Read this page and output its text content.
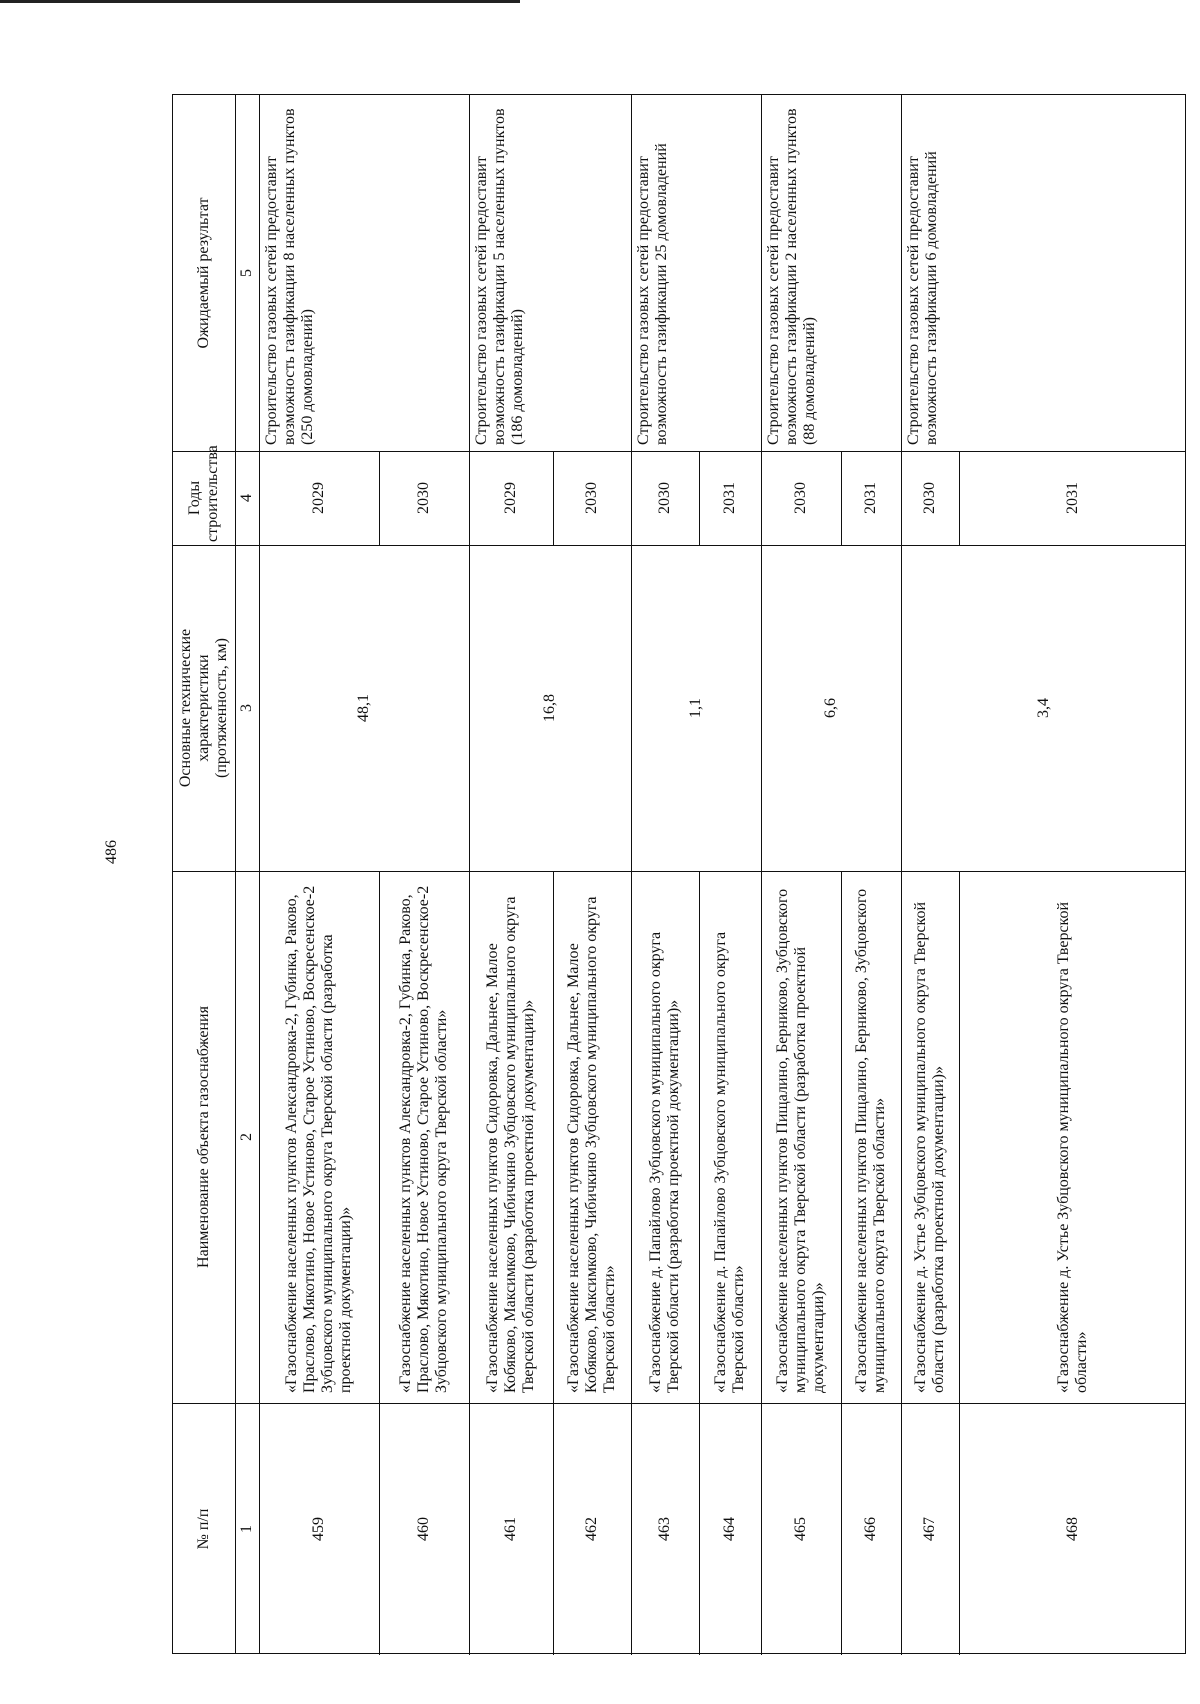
486
№ п/п
Наименование объекта газоснабжения
Основные технические характеристики (протяженность, км)
Годы строительства
Ожидаемый результат
1
2
3
4
5
459
«Газоснабжение населенных пунктов Александровка-2, Губинка, Раково, Праслово, Мякотино, Новое Устиново, Старое Устиново, Воскресенское-2 Зубцовского муниципального округа Тверской области (разработка проектной документации)»
2029
460
«Газоснабжение населенных пунктов Александровка-2, Губинка, Раково, Праслово, Мякотино, Новое Устиново, Старое Устиново, Воскресенское-2 Зубцовского муниципального округа Тверской области»
2030
461
«Газоснабжение населенных пунктов Сидоровка, Дальнее, Малое Кобяково, Максимково, Чибичкино Зубцовского муниципального округа Тверской области (разработка проектной документации)»
2029
462
«Газоснабжение населенных пунктов Сидоровка, Дальнее, Малое Кобяково, Максимково, Чибичкино Зубцовского муниципального округа Тверской области»
2030
463
«Газоснабжение д. Папайлово Зубцовского муниципального округа Тверской области (разработка проектной документации)»
2030
464
«Газоснабжение д. Папайлово Зубцовского муниципального округа Тверской области»
2031
465
«Газоснабжение населенных пунктов Пищалино, Берниково, Зубцовского муниципального округа Тверской области (разработка проектной документации)»
2030
466
«Газоснабжение населенных пунктов Пищалино, Берниково, Зубцовского муниципального округа Тверской области»
2031
467
«Газоснабжение д. Устье Зубцовского муниципального округа Тверской области (разработка проектной документации)»
2030
468
«Газоснабжение д. Устье Зубцовского муниципального округа Тверской области»
2031
48,1
Строительство газовых сетей предоставит возможность газификации 8 населенных пунктов (250 домовладений)
16,8
Строительство газовых сетей предоставит возможность газификации 5 населенных пунктов (186 домовладений)
1,1
Строительство газовых сетей предоставит возможность газификации 25 домовладений
6,6
Строительство газовых сетей предоставит возможность газификации 2 населенных пунктов (88 домовладений)
3,4
Строительство газовых сетей предоставит возможность газификации 6 домовладений
